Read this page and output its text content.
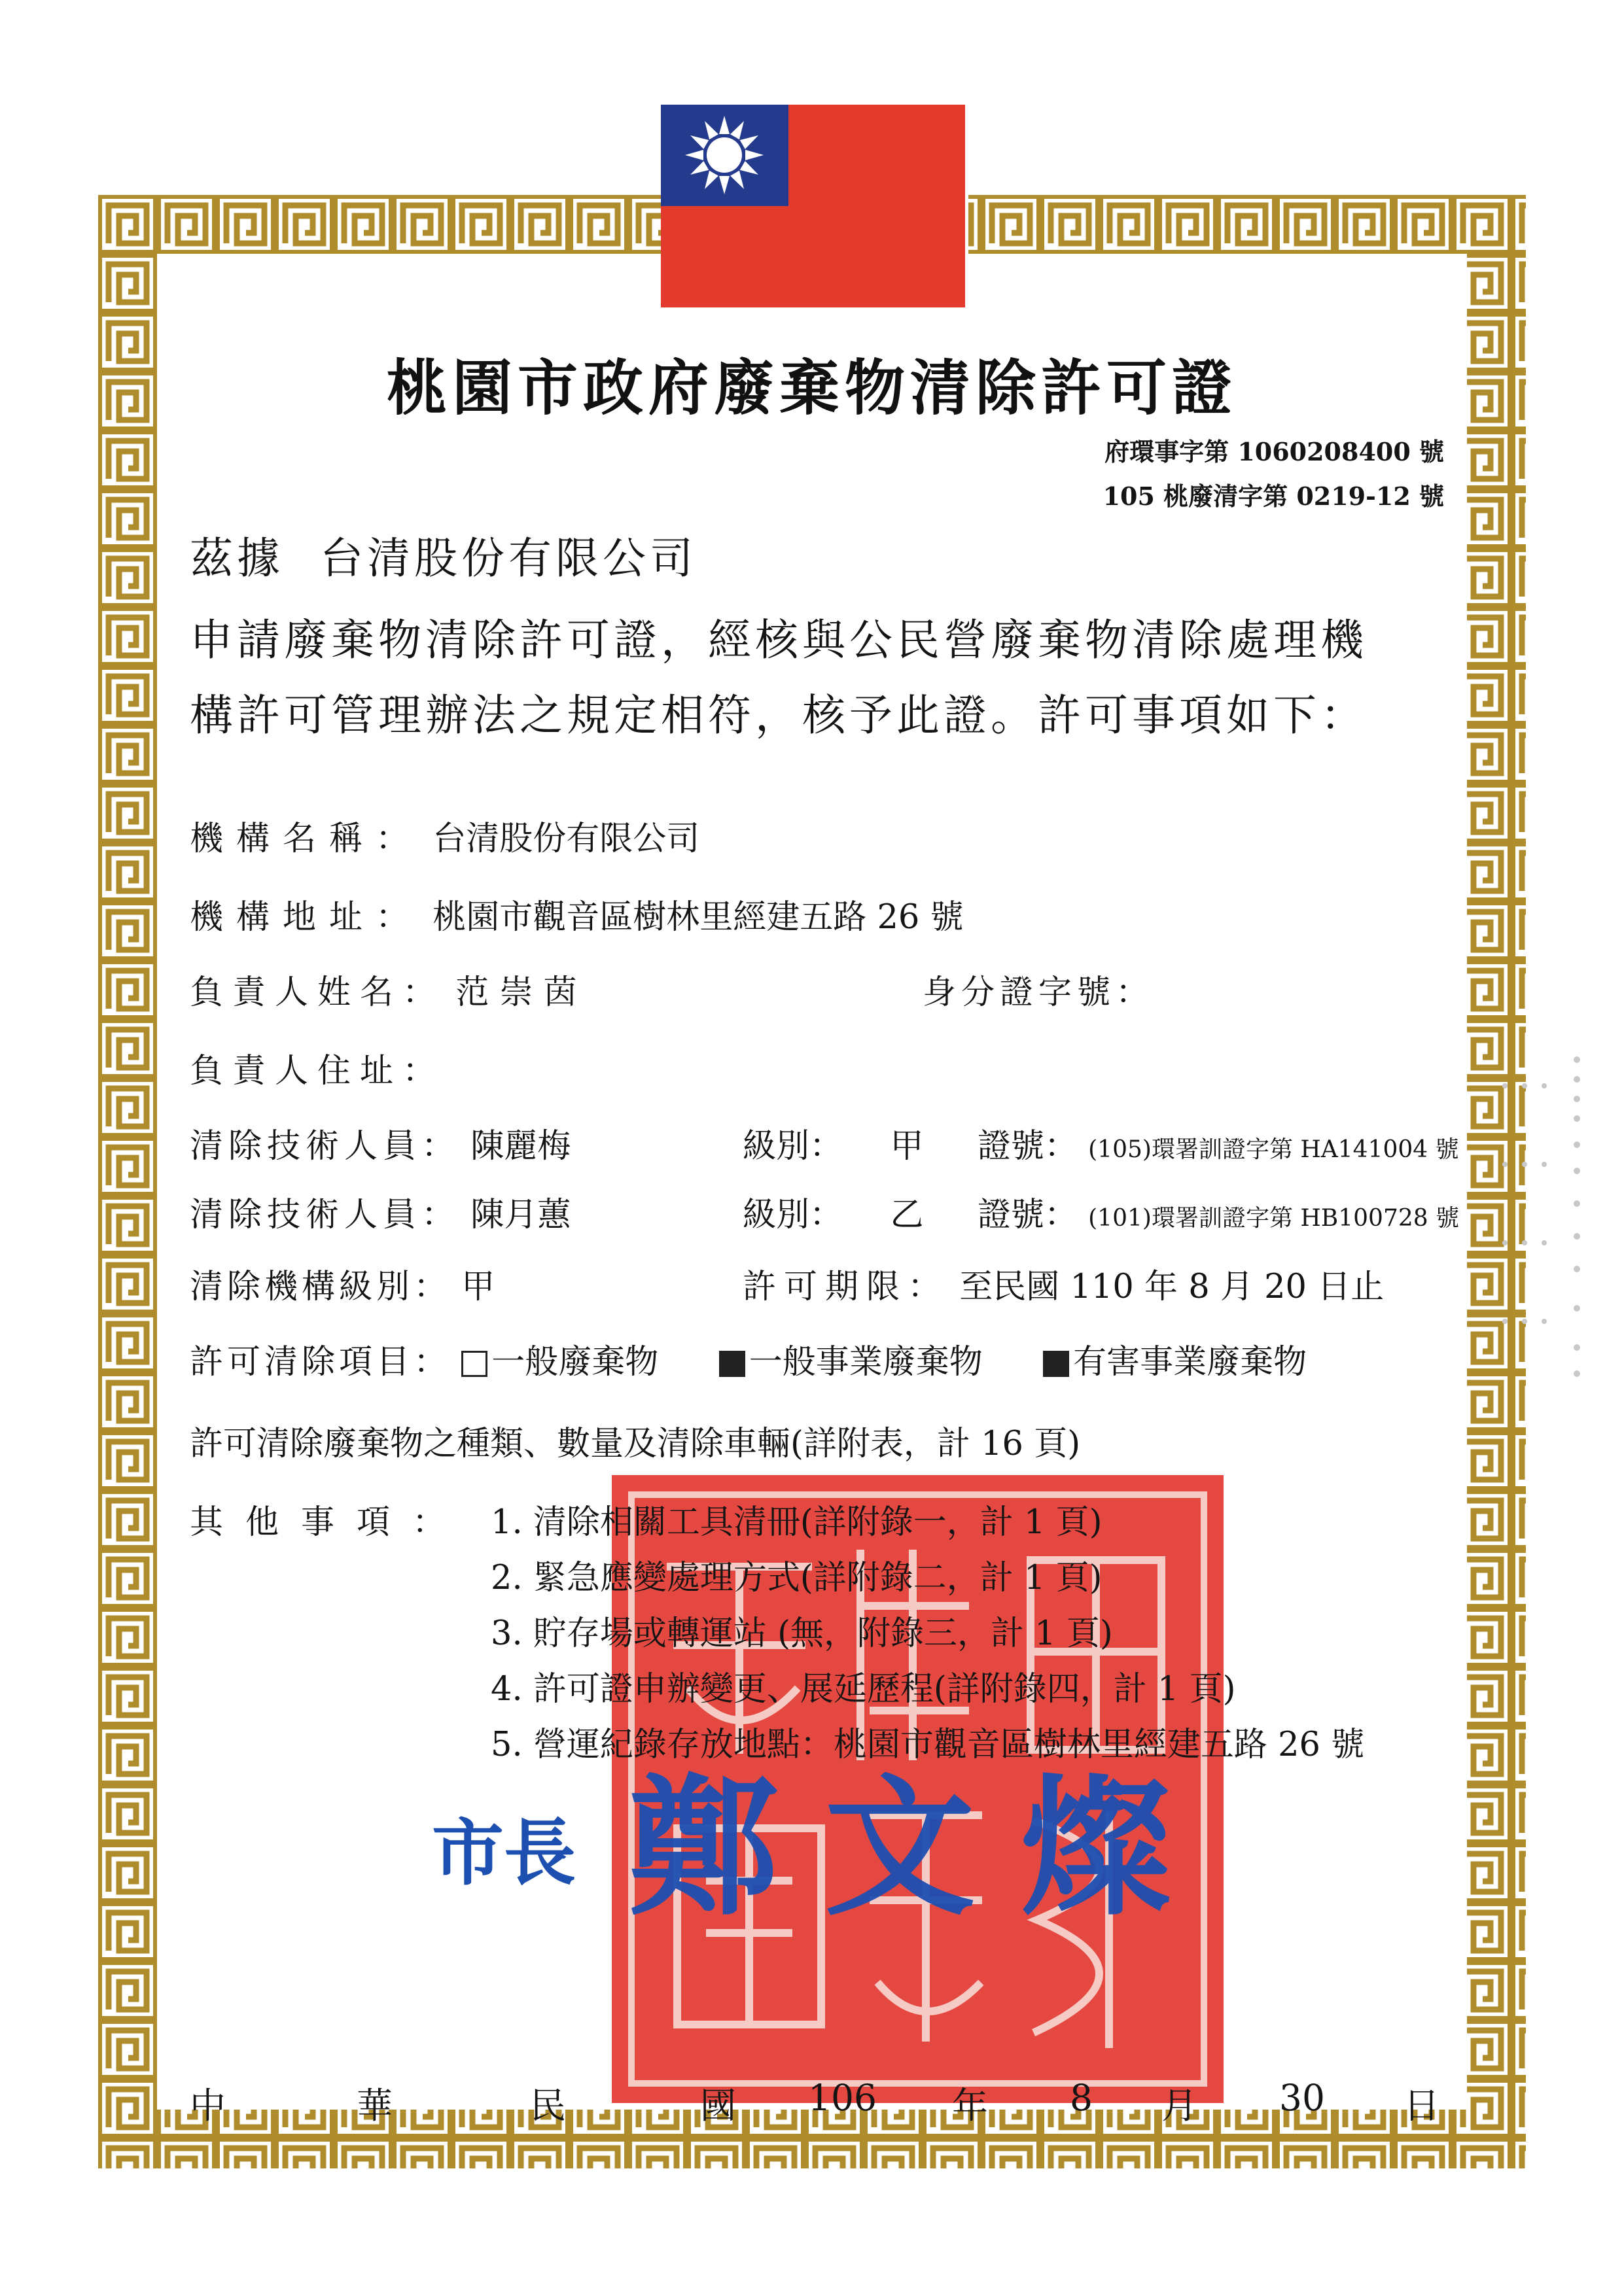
桃園市政府廢棄物清除許可證
府環事字第 1060208400 號
105 桃廢清字第 0219-12 號
茲據 台清股份有限公司
申請廢棄物清除許可證，經核與公民營廢棄物清除處理機
構許可管理辦法之規定相符，核予此證。許可事項如下：
機構名稱： 台清股份有限公司
機構地址： 桃園市觀音區樹林里經建五路 26 號
負責人姓名： 范 崇 茵	身分證字號：
負責人住址：
清除技術人員： 陳麗梅	級別： 甲 證號： (105)環署訓證字第 HA141004 號
清除技術人員： 陳月蕙	級別： 乙 證號： (101)環署訓證字第 HB100728 號
清除機構級別： 甲	許可期限： 至民國 110 年 8 月 20 日止
許可清除項目： 一般廢棄物	一般事業廢棄物	有害事業廢棄物
許可清除廢棄物之種類、數量及清除車輛(詳附表，計 16 頁)
其他事項： 1. 清除相關工具清冊(詳附錄一，計 1 頁)
2. 緊急應變處理方式(詳附錄二，計 1 頁)
3. 貯存場或轉運站 (無，附錄三，計 1 頁)
4. 許可證申辦變更、展延歷程(詳附錄四，計 1 頁)
5. 營運紀錄存放地點：桃園市觀音區樹林里經建五路 26 號
市長 鄭文燦
中	華	民	國 106 年 8 月 30 日
